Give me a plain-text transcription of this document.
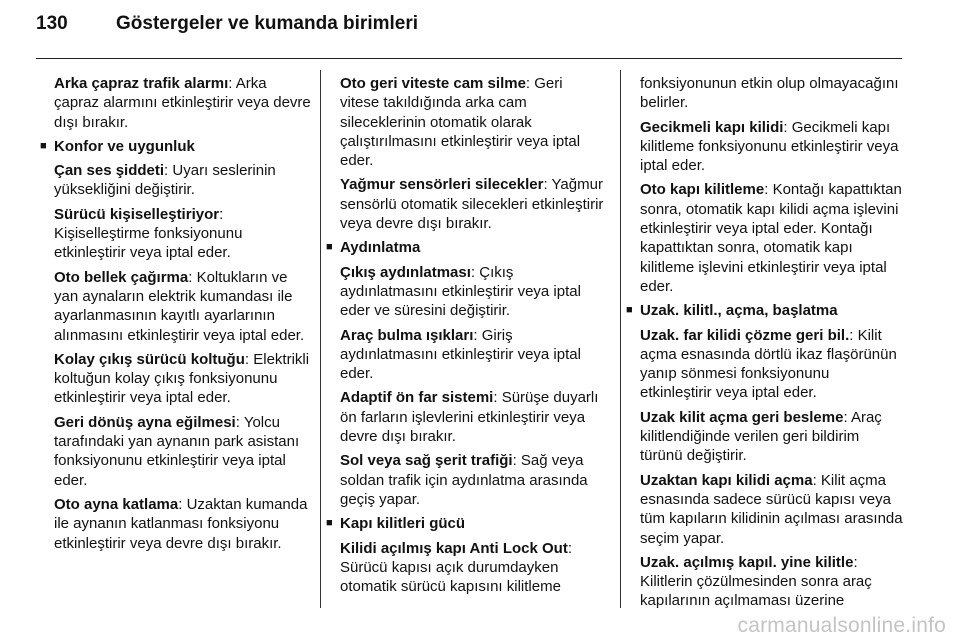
130	Göstergeler ve kumanda birimleri
Arka çapraz trafik alarmı: Arka çapraz alarmını etkinleştirir veya devre dışı bırakır.
■ Konfor ve uygunluk
Çan ses şiddeti: Uyarı seslerinin yüksekliğini değiştirir.
Sürücü kişiselleştiriyor: Kişiselleştirme fonksiyonunu etkinleştirir veya iptal eder.
Oto bellek çağırma: Koltukların ve yan aynaların elektrik kumandası ile ayarlanmasının kayıtlı ayarlarının alınmasını etkinleştirir veya iptal eder.
Kolay çıkış sürücü koltuğu: Elektrikli koltuğun kolay çıkış fonksiyonunu etkinleştirir veya iptal eder.
Geri dönüş ayna eğilmesi: Yolcu tarafındaki yan aynanın park asistanı fonksiyonunu etkinleştirir veya iptal eder.
Oto ayna katlama: Uzaktan kumanda ile aynanın katlanması fonksiyonu etkinleştirir veya devre dışı bırakır.
Oto geri viteste cam silme: Geri vitese takıldığında arka cam sileceklerinin otomatik olarak çalıştırılmasını etkinleştirir veya iptal eder.
Yağmur sensörleri silecekler: Yağmur sensörlü otomatik silecekleri etkinleştirir veya devre dışı bırakır.
■ Aydınlatma
Çıkış aydınlatması: Çıkış aydınlatmasını etkinleştirir veya iptal eder ve süresini değiştirir.
Araç bulma ışıkları: Giriş aydınlatmasını etkinleştirir veya iptal eder.
Adaptif ön far sistemi: Sürüşe duyarlı ön farların işlevlerini etkinleştirir veya devre dışı bırakır.
Sol veya sağ şerit trafiği: Sağ veya soldan trafik için aydınlatma arasında geçiş yapar.
■ Kapı kilitleri gücü
Kilidi açılmış kapı Anti Lock Out: Sürücü kapısı açık durumdayken otomatik sürücü kapısını kilitleme
fonksiyonunun etkin olup olmayacağını belirler.
Gecikmeli kapı kilidi: Gecikmeli kapı kilitleme fonksiyonunu etkinleştirir veya iptal eder.
Oto kapı kilitleme: Kontağı kapattıktan sonra, otomatik kapı kilidi açma işlevini etkinleştirir veya iptal eder. Kontağı kapattıktan sonra, otomatik kapı kilitleme işlevini etkinleştirir veya iptal eder.
■ Uzak. kilitl., açma, başlatma
Uzak. far kilidi çözme geri bil.: Kilit açma esnasında dörtlü ikaz flaşörünün yanıp sönmesi fonksiyonunu etkinleştirir veya iptal eder.
Uzak kilit açma geri besleme: Araç kilitlendiğinde verilen geri bildirim türünü değiştirir.
Uzaktan kapı kilidi açma: Kilit açma esnasında sadece sürücü kapısı veya tüm kapıların kilidinin açılması arasında seçim yapar.
Uzak. açılmış kapıl. yine kilitle: Kilitlerin çözülmesinden sonra araç kapılarının açılmaması üzerine
carmanualsonline.info
